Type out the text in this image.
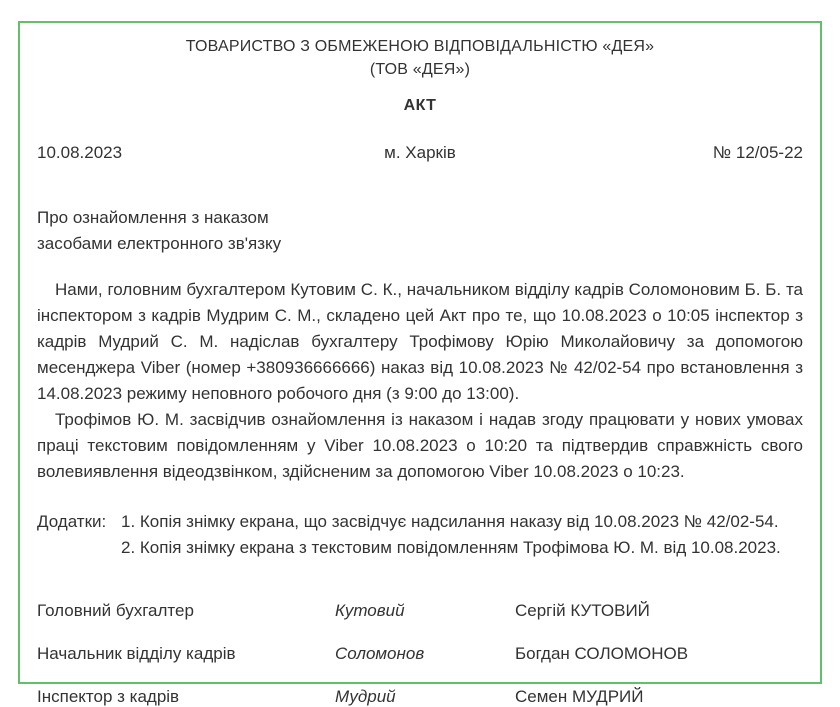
ТОВАРИСТВО З ОБМЕЖЕНОЮ ВІДПОВІДАЛЬНІСТЮ «ДЕЯ»
(ТОВ «ДЕЯ»)
АКТ
10.08.2023	м. Харків	№ 12/05-22
Про ознайомлення з наказом
засобами електронного зв'язку

Нами, головним бухгалтером Кутовим С. К., начальником відділу кадрів Соломоновим Б. Б. та інспектором з кадрів Мудрим С. М., складено цей Акт про те, що 10.08.2023 о 10:05 інспектор з кадрів Мудрий С. М. надіслав бухгалтеру Трофімову Юрію Миколайовичу за допомогою месенджера Viber (номер +380936666666) наказ від 10.08.2023 № 42/02-54 про встановлення з 14.08.2023 режиму неповного робочого дня (з 9:00 до 13:00).

Трофімов Ю. М. засвідчив ознайомлення із наказом і надав згоду працювати у нових умовах праці текстовим повідомленням у Viber 10.08.2023 о 10:20 та підтвердив справжність свого волевиявлення відеодзвінком, здійсненим за допомогою Viber 10.08.2023 о 10:23.

Додатки: 1. Копія знімку екрана, що засвідчує надсилання наказу від 10.08.2023 № 42/02-54.
2. Копія знімку екрана з текстовим повідомленням Трофімова Ю. М. від 10.08.2023.
Головний бухгалтер	Кутовий	Сергій КУТОВИЙ
Начальник відділу кадрів	Соломонов	Богдан СОЛОМОНОВ
Інспектор з кадрів	Мудрий	Семен МУДРИЙ
